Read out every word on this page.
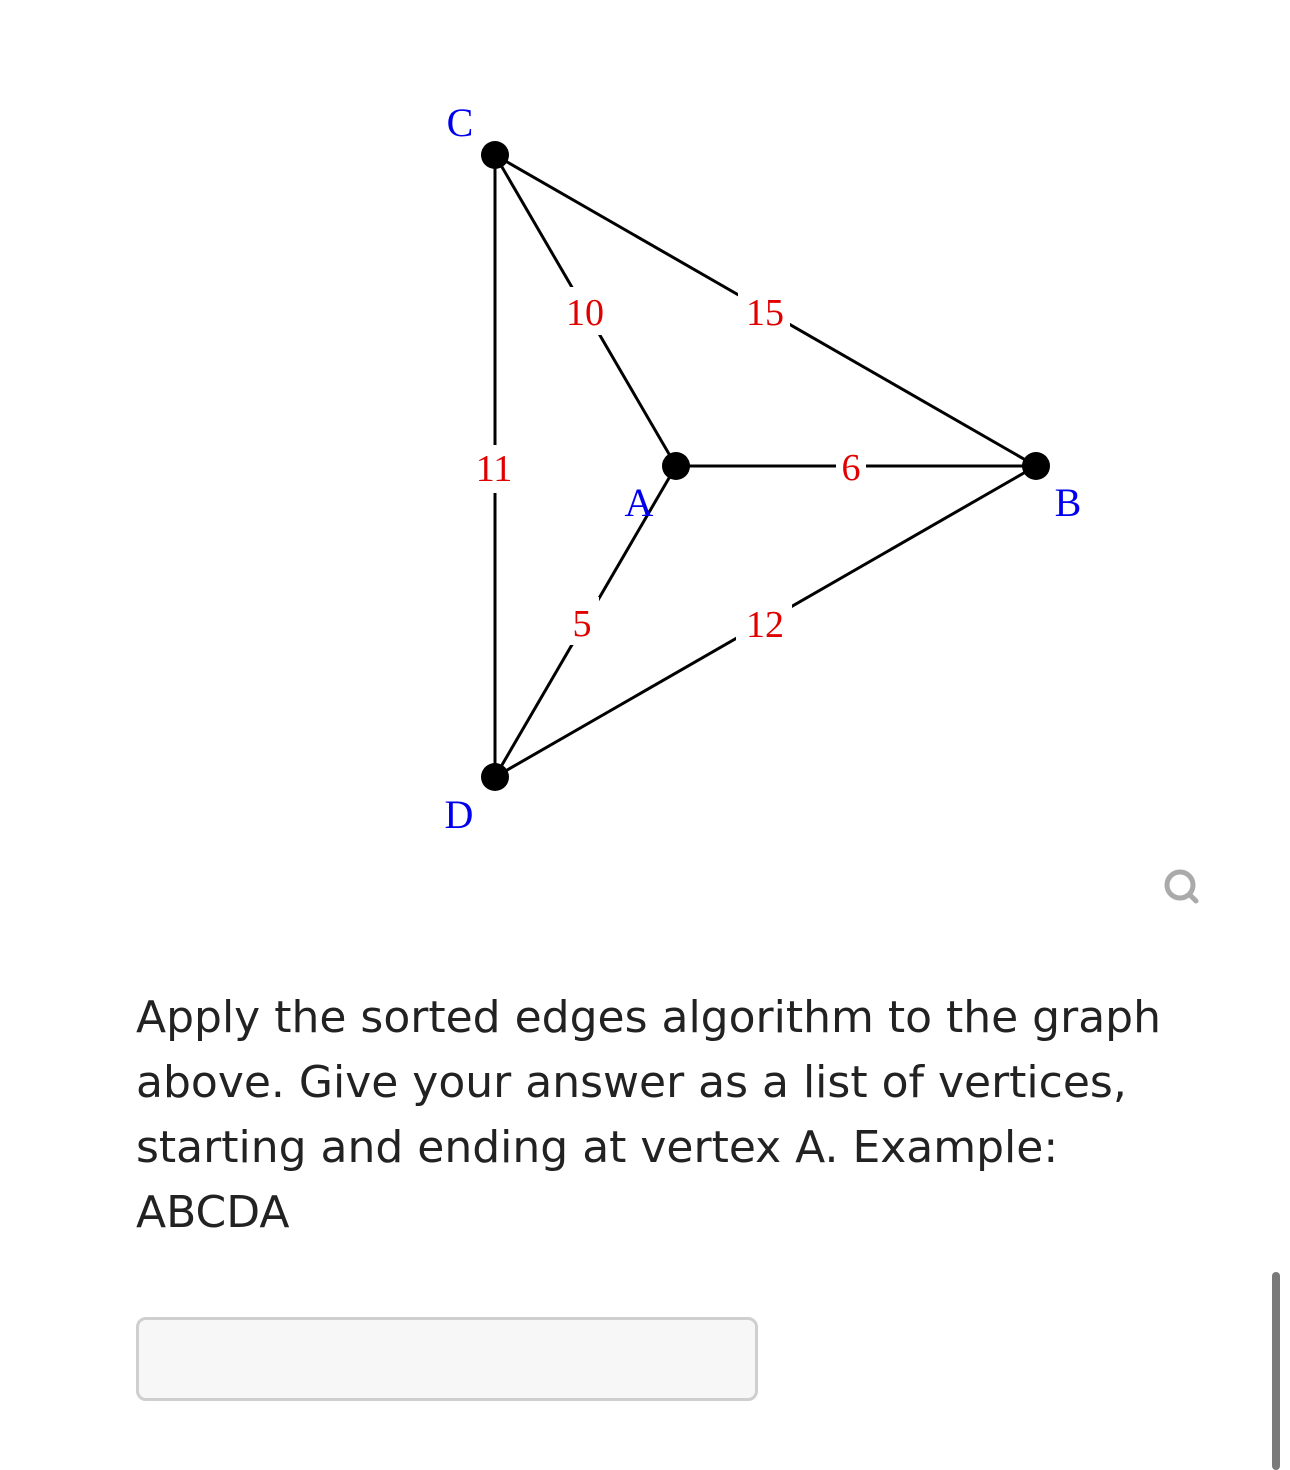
11
10	15
6
5	12
C
A	B
D

Apply the sorted edges algorithm to the graph above. Give your answer as a list of vertices, starting and ending at vertex A. Example: ABCDA
